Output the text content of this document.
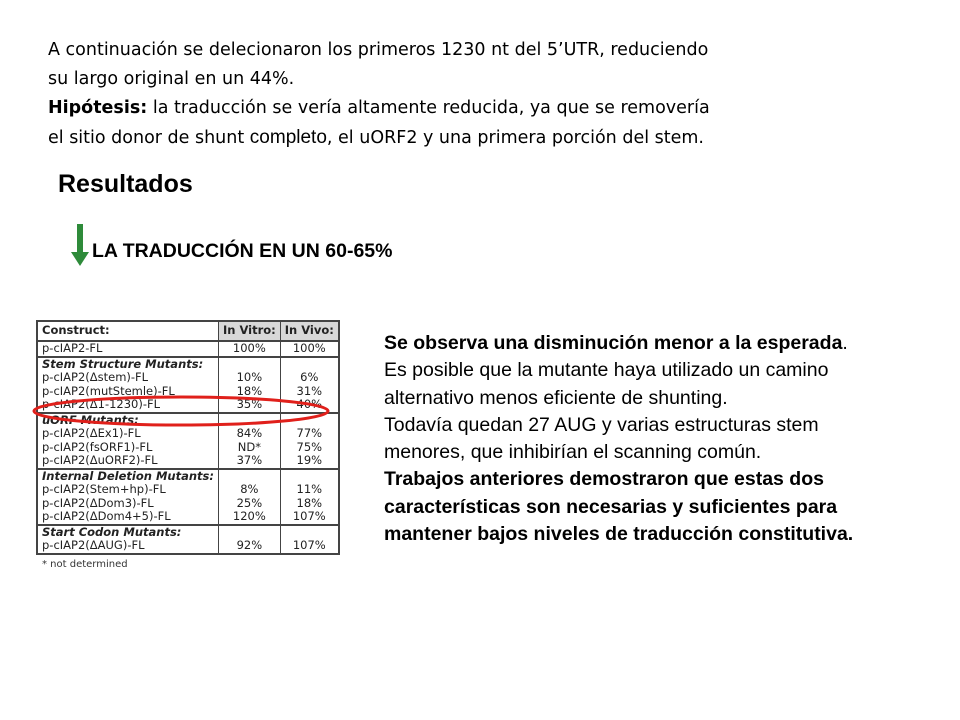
A continuación se delecionaron los primeros 1230 nt del 5’UTR, reduciendo
su largo original en un 44%.
Hipótesis: la traducción se vería altamente reducida, ya que se removería
el sitio donor de shunt completo, el uORF2 y una primera porción del stem.
Resultados
LA TRADUCCIÓN EN UN 60-65%
Construct:	In Vitro:	In Vivo:
p-cIAP2-FL	100%	100%
Stem Structure Mutants:		
p-cIAP2(Δstem)-FL	10%	6%
p-cIAP2(mutStemle)-FL	18%	31%
p-cIAP2(Δ1-1230)-FL	35%	40%
uORF Mutants:		
p-cIAP2(ΔEx1)-FL	84%	77%
p-cIAP2(fsORF1)-FL	ND*	75%
p-cIAP2(ΔuORF2)-FL	37%	19%
Internal Deletion Mutants:		
p-cIAP2(Stem+hp)-FL	8%	11%
p-cIAP2(ΔDom3)-FL	25%	18%
p-cIAP2(ΔDom4+5)-FL	120%	107%
Start Codon Mutants:		
p-cIAP2(ΔAUG)-FL	92%	107%
* not determined

Se observa una disminución menor a la esperada.

Es posible que la mutante haya utilizado un camino alternativo menos eficiente de shunting.

Todavía quedan 27 AUG y varias estructuras stem menores, que inhibirían el scanning común.

Trabajos anteriores demostraron que estas dos características son necesarias y suficientes para mantener bajos niveles de traducción constitutiva.
